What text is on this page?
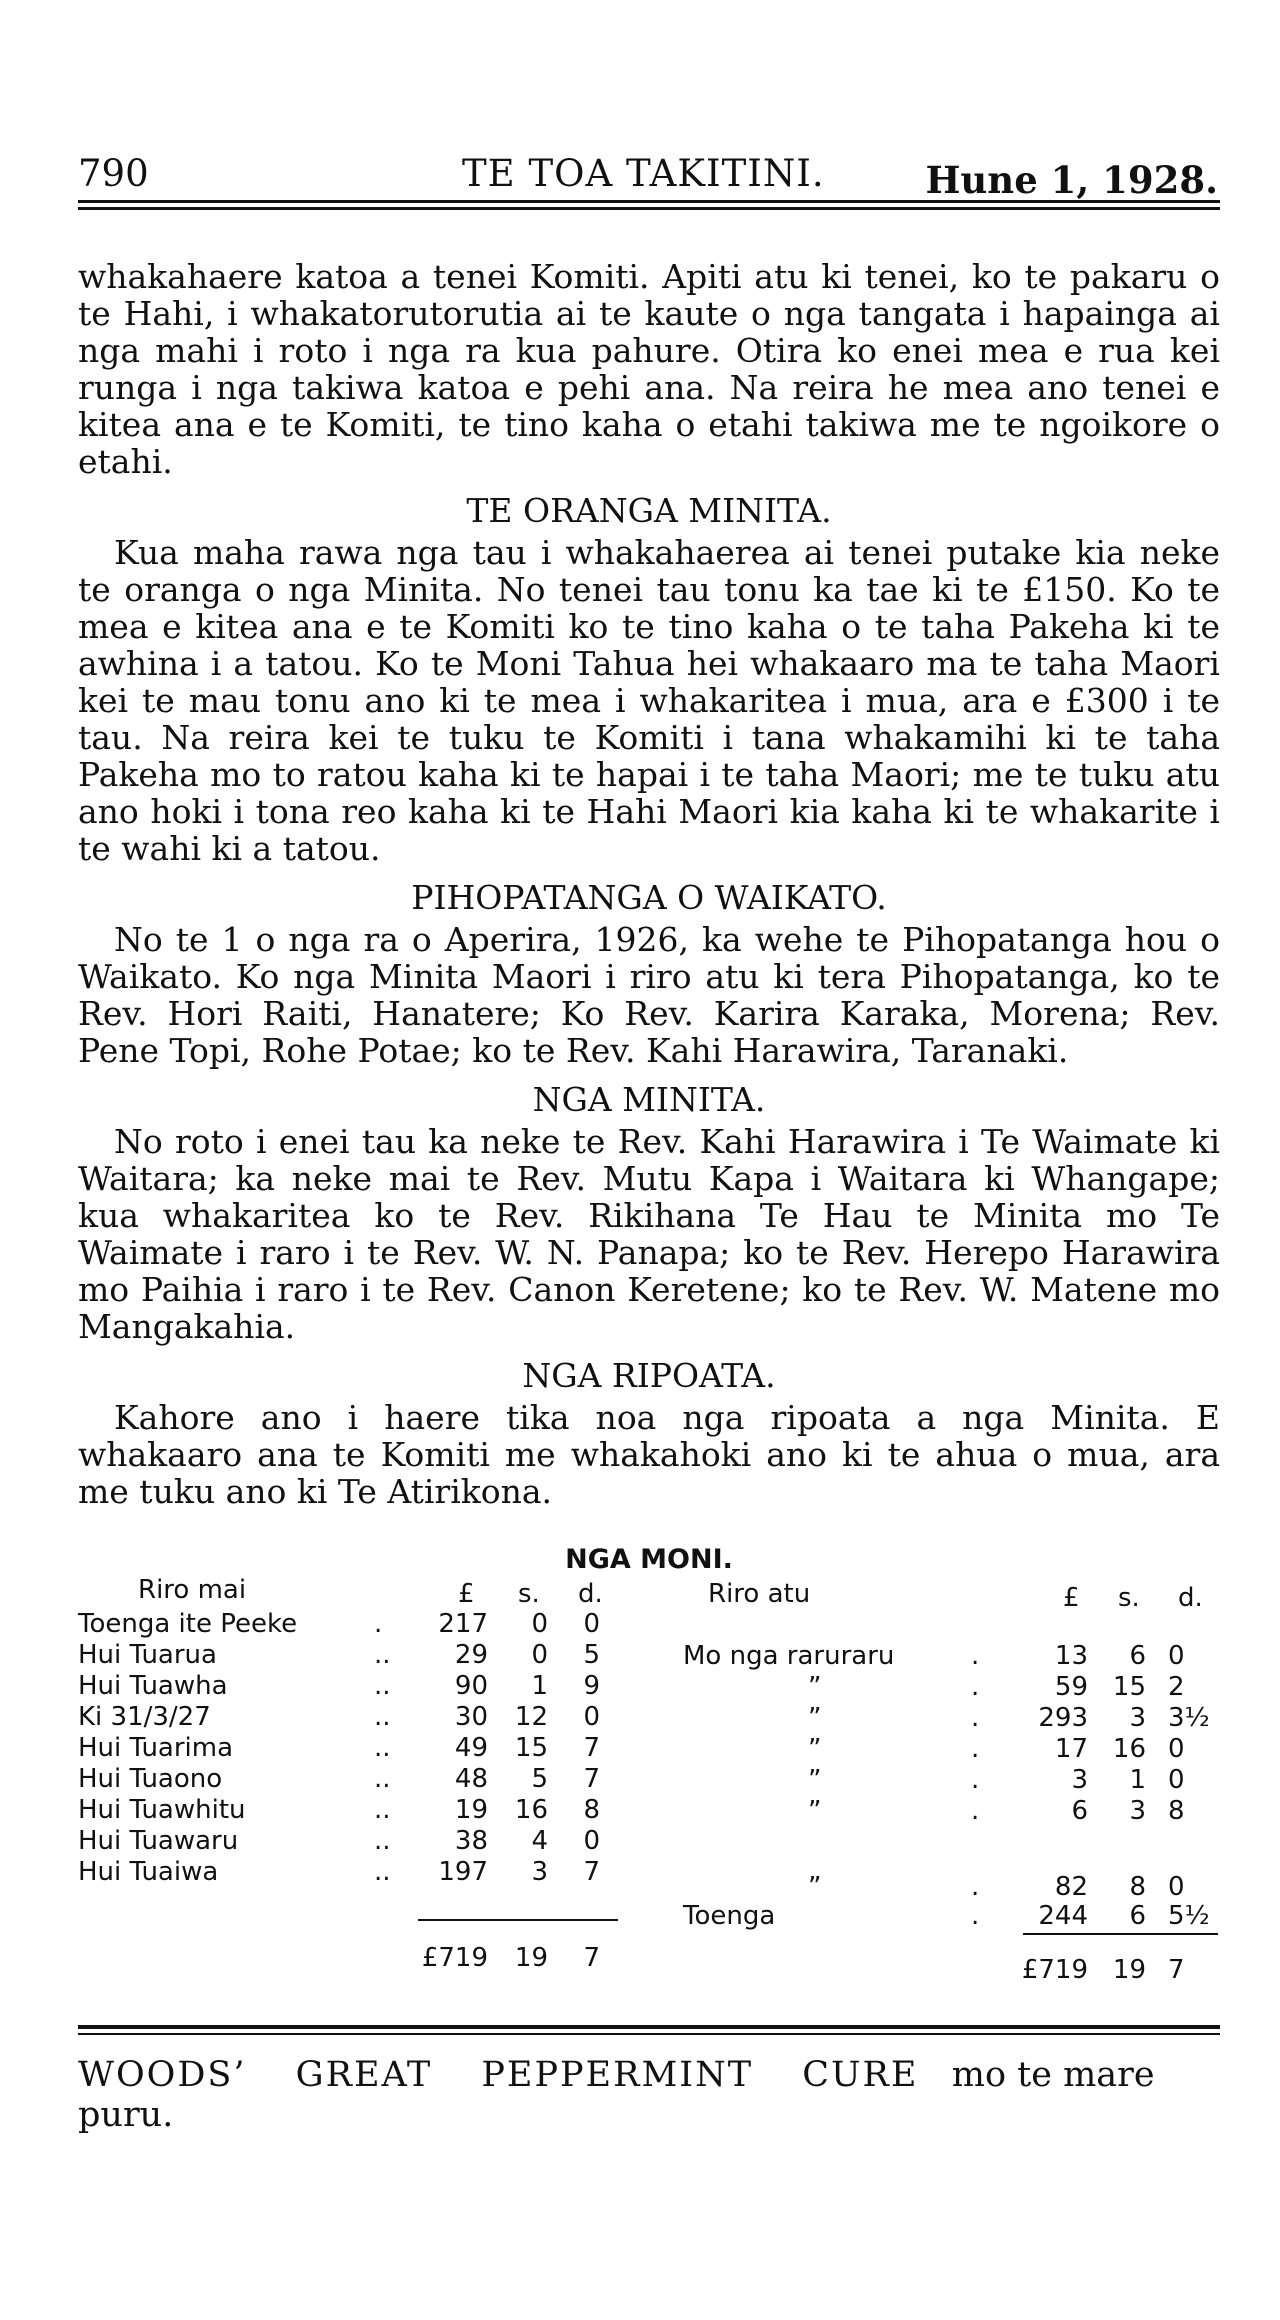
790	TE TOA TAKITINI.	Hune 1, 1928.

whakahaere katoa a tenei Komiti. Apiti atu ki tenei, ko te pakaru o te Hahi, i whakatorutorutia ai te kaute o nga tangata i hapainga ai nga mahi i roto i nga ra kua pahure. Otira ko enei mea e rua kei runga i nga takiwa katoa e pehi ana. Na reira he mea ano tenei e kitea ana e te Komiti, te tino kaha o etahi takiwa me te ngoikore o etahi.

TE ORANGA MINITA.

Kua maha rawa nga tau i whakahaerea ai tenei putake kia neke te oranga o nga Minita. No tenei tau tonu ka tae ki te £150. Ko te mea e kitea ana e te Komiti ko te tino kaha o te taha Pakeha ki te awhina i a tatou. Ko te Moni Tahua hei whakaaro ma te taha Maori kei te mau tonu ano ki te mea i whakaritea i mua, ara e £300 i te tau. Na reira kei te tuku te Komiti i tana whakamihi ki te taha Pakeha mo to ratou kaha ki te hapai i te taha Maori; me te tuku atu ano hoki i tona reo kaha ki te Hahi Maori kia kaha ki te whakarite i te wahi ki a tatou.

PIHOPATANGA O WAIKATO.

No te 1 o nga ra o Aperira, 1926, ka wehe te Pihopatanga hou o Waikato. Ko nga Minita Maori i riro atu ki tera Pihopatanga, ko te Rev. Hori Raiti, Hanatere; Ko Rev. Karira Karaka, Morena; Rev. Pene Topi, Rohe Potae; ko te Rev. Kahi Harawira, Taranaki.

NGA MINITA.

No roto i enei tau ka neke te Rev. Kahi Harawira i Te Waimate ki Waitara; ka neke mai te Rev. Mutu Kapa i Waitara ki Whangape; kua whakaritea ko te Rev. Rikihana Te Hau te Minita mo Te Waimate i raro i te Rev. W. N. Panapa; ko te Rev. Herepo Harawira mo Paihia i raro i te Rev. Canon Keretene; ko te Rev. W. Matene mo Mangakahia.

NGA RIPOATA.

Kahore ano i haere tika noa nga ripoata a nga Minita. E whakaaro ana te Komiti me whakahoki ano ki te ahua o mua, ara me tuku ano ki Te Atirikona.

NGA MONI.
Riro mai	£ s. d.	Riro atu	£ s. d.
Toenga ite Peeke	.	217	0	0
Hui Tuarua	..	29	0	5
Hui Tuawha	..	90	1	9
Ki 31/3/27	..	30	12	0
Hui Tuarima	..	49	15	7
Hui Tuaono	..	48	5	7
Hui Tuawhitu	..	19	16	8
Hui Tuawaru	..	38	4	0
Hui Tuaiwa	..	197	3	7
£719	19	7
Mo nga raruraru	.	13	6 0
”	.	59 15 2
”	.	293	3 3½
”	.	17 16 0
”	.	3	1 0
”	.	6	3 8
”	.	82	8 0
Toenga	.	244	6 5½
£719 19 7
WOODS’ GREAT PEPPERMINT CURE mo te mare
puru.
